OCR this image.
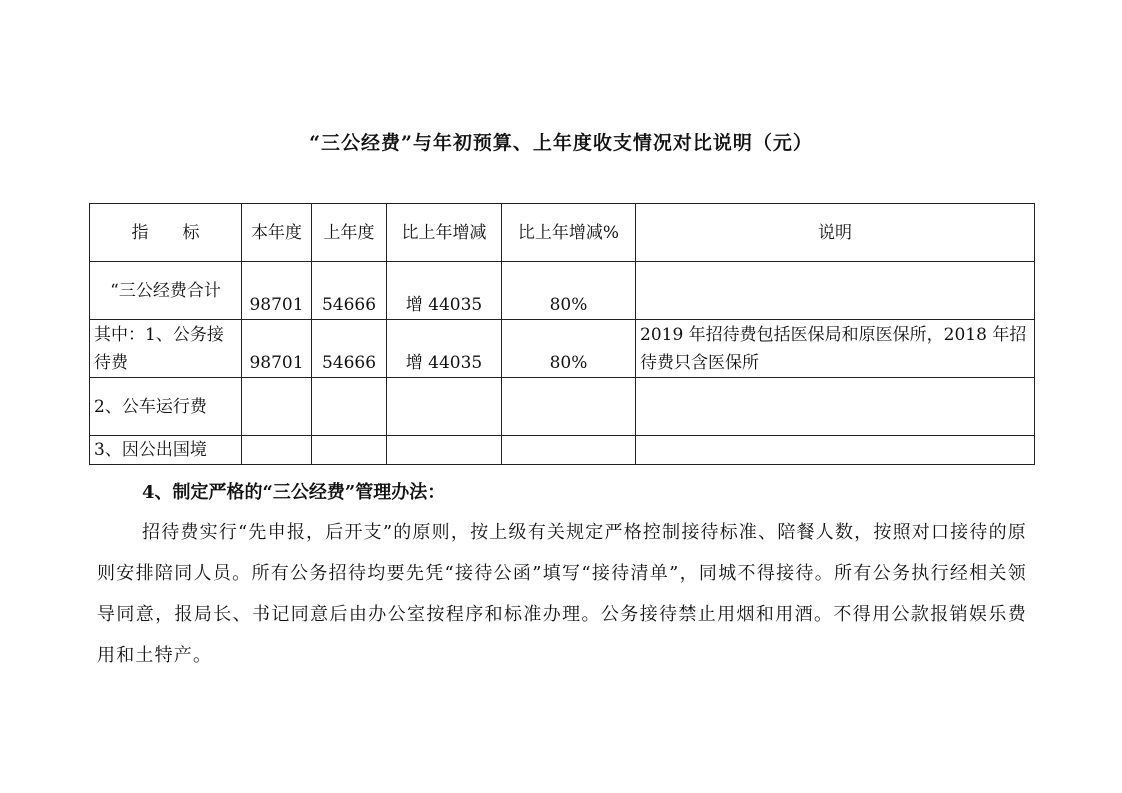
“三公经费”与年初预算、上年度收支情况对比说明（元）
指　　标	本年度	上年度	比上年增减	比上年增减%	说明
“三公经费合计	98701	54666	增 44035	80%	
其中：1、公务接待费	98701	54666	增 44035	80%	2019 年招待费包括医保局和原医保所，2018 年招待费只含医保所
2、公车运行费					
3、因公出国境					
4、制定严格的“三公经费”管理办法：

招待费实行“先申报，后开支”的原则，按上级有关规定严格控制接待标准、陪餐人数，按照对口接待的原则安排陪同人员。所有公务招待均要先凭“接待公函”填写“接待清单”，同城不得接待。所有公务执行经相关领导同意，报局长、书记同意后由办公室按程序和标准办理。公务接待禁止用烟和用酒。不得用公款报销娱乐费用和土特产。
